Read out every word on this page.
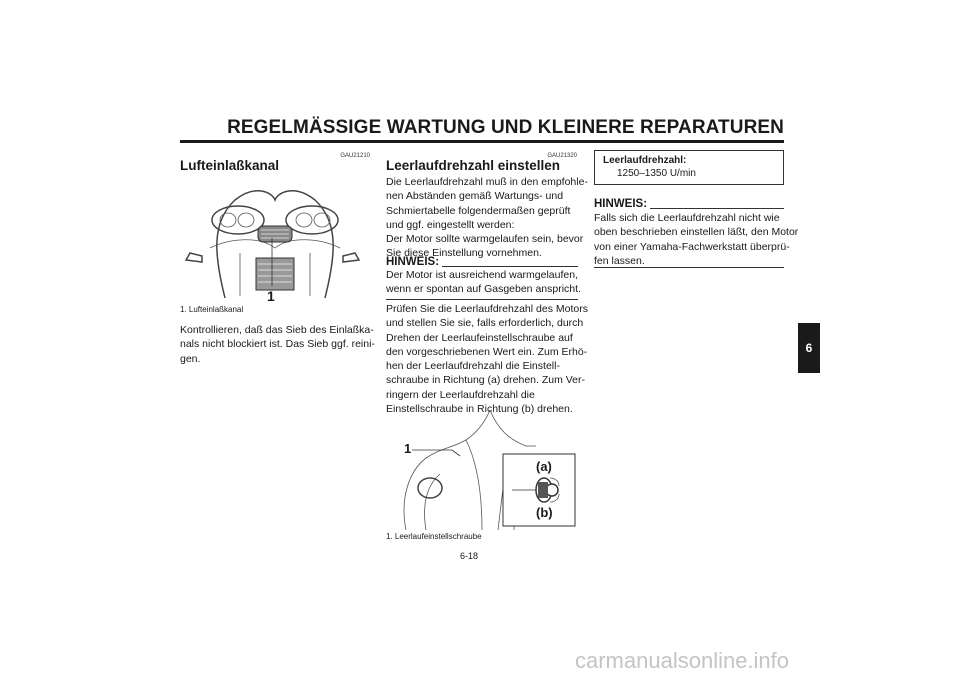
REGELMÄSSIGE WARTUNG UND KLEINERE REPARATUREN
GAU21210
Lufteinlaßkanal
1
1. Lufteinlaßkanal
Kontrollieren, daß das Sieb des Einlaßka-
nals nicht blockiert ist. Das Sieb ggf. reini-
gen.
GAU21320
Leerlaufdrehzahl einstellen
Die Leerlaufdrehzahl muß in den empfohle-
nen Abständen gemäß Wartungs- und
Schmiertabelle folgendermaßen geprüft
und ggf. eingestellt werden:
Der Motor sollte warmgelaufen sein, bevor
Sie diese Einstellung vornehmen.
HINWEIS:
Der Motor ist ausreichend warmgelaufen,
wenn er spontan auf Gasgeben anspricht.
Prüfen Sie die Leerlaufdrehzahl des Motors
und stellen Sie sie, falls erforderlich, durch
Drehen der Leerlaufeinstellschraube auf
den vorgeschriebenen Wert ein. Zum Erhö-
hen der Leerlaufdrehzahl die Einstell-
schraube in Richtung (a) drehen. Zum Ver-
ringern der Leerlaufdrehzahl die
Einstellschraube in Richtung (b) drehen.
1
(a)
(b)
1. Leerlaufeinstellschraube
Leerlaufdrehzahl:
1250–1350 U/min
HINWEIS:
Falls sich die Leerlaufdrehzahl nicht wie
oben beschrieben einstellen läßt, den Motor
von einer Yamaha-Fachwerkstatt überprü-
fen lassen.
6
6-18
carmanualsonline.info
